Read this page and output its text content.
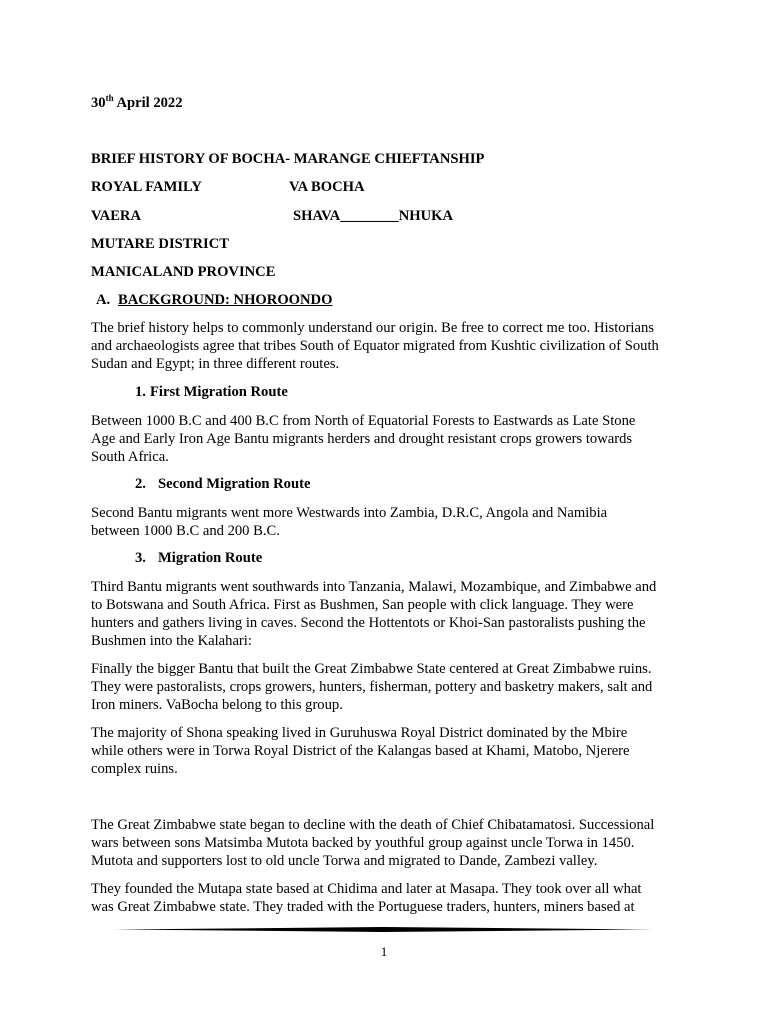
30th April 2022
BRIEF HISTORY OF BOCHA- MARANGE CHIEFTANSHIP
ROYAL FAMILY	VA BOCHA
VAERA	SHAVA________NHUKA
MUTARE DISTRICT
MANICALAND PROVINCE
A. BACKGROUND: NHOROONDO
The brief history helps to commonly understand our origin. Be free to correct me too. Historians
and archaeologists agree that tribes South of Equator migrated from Kushtic civilization of South
Sudan and Egypt; in three different routes.
1. First Migration Route
Between 1000 B.C and 400 B.C from North of Equatorial Forests to Eastwards as Late Stone
Age and Early Iron Age Bantu migrants herders and drought resistant crops growers towards
South Africa.
2. Second Migration Route
Second Bantu migrants went more Westwards into Zambia, D.R.C, Angola and Namibia
between 1000 B.C and 200 B.C.
3. Migration Route
Third Bantu migrants went southwards into Tanzania, Malawi, Mozambique, and Zimbabwe and
to Botswana and South Africa. First as Bushmen, San people with click language. They were
hunters and gathers living in caves. Second the Hottentots or Khoi-San pastoralists pushing the
Bushmen into the Kalahari:
Finally the bigger Bantu that built the Great Zimbabwe State centered at Great Zimbabwe ruins.
They were pastoralists, crops growers, hunters, fisherman, pottery and basketry makers, salt and
Iron miners. VaBocha belong to this group.
The majority of Shona speaking lived in Guruhuswa Royal District dominated by the Mbire
while others were in Torwa Royal District of the Kalangas based at Khami, Matobo, Njerere
complex ruins.
The Great Zimbabwe state began to decline with the death of Chief Chibatamatosi. Successional
wars between sons Matsimba Mutota backed by youthful group against uncle Torwa in 1450.
Mutota and supporters lost to old uncle Torwa and migrated to Dande, Zambezi valley.
They founded the Mutapa state based at Chidima and later at Masapa. They took over all what
was Great Zimbabwe state. They traded with the Portuguese traders, hunters, miners based at
1
